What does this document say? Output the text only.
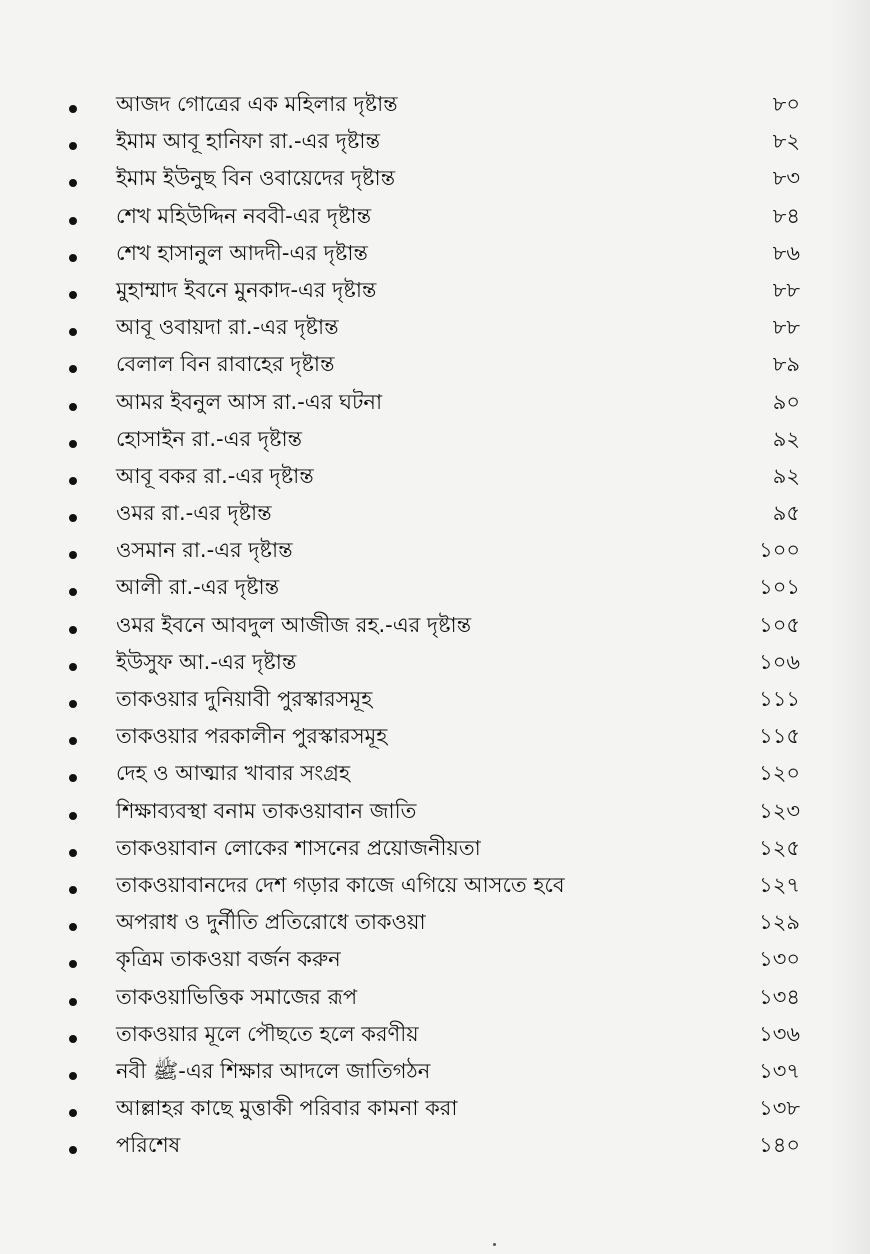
আজদ গোত্রের এক মহিলার দৃষ্টান্ত	৮০
ইমাম আবূ হানিফা রা.-এর দৃষ্টান্ত	৮২
ইমাম ইউনুছ বিন ওবায়েদের দৃষ্টান্ত	৮৩
শেখ মহিউদ্দিন নববী-এর দৃষ্টান্ত	৮৪
শেখ হাসানুল আদদী-এর দৃষ্টান্ত	৮৬
মুহাম্মাদ ইবনে মুনকাদ-এর দৃষ্টান্ত	৮৮
আবূ ওবায়দা রা.-এর দৃষ্টান্ত	৮৮
বেলাল বিন রাবাহের দৃষ্টান্ত	৮৯
আমর ইবনুল আস রা.-এর ঘটনা	৯০
হোসাইন রা.-এর দৃষ্টান্ত	৯২
আবূ বকর রা.-এর দৃষ্টান্ত	৯২
ওমর রা.-এর দৃষ্টান্ত	৯৫
ওসমান রা.-এর দৃষ্টান্ত	১০০
আলী রা.-এর দৃষ্টান্ত	১০১
ওমর ইবনে আবদুল আজীজ রহ.-এর দৃষ্টান্ত	১০৫
ইউসুফ আ.-এর দৃষ্টান্ত	১০৬
তাকওয়ার দুনিয়াবী পুরস্কারসমূহ	১১১
তাকওয়ার পরকালীন পুরস্কারসমূহ	১১৫
দেহ ও আত্মার খাবার সংগ্রহ	১২০
শিক্ষাব্যবস্থা বনাম তাকওয়াবান জাতি	১২৩
তাকওয়াবান লোকের শাসনের প্রয়োজনীয়তা	১২৫
তাকওয়াবানদের দেশ গড়ার কাজে এগিয়ে আসতে হবে	১২৭
অপরাধ ও দুর্নীতি প্রতিরোধে তাকওয়া	১২৯
কৃত্রিম তাকওয়া বর্জন করুন	১৩০
তাকওয়াভিত্তিক সমাজের রূপ	১৩৪
তাকওয়ার মূলে পৌছতে হলে করণীয়	১৩৬
নবী ﷺ-এর শিক্ষার আদলে জাতিগঠন	১৩৭
আল্লাহর কাছে মুত্তাকী পরিবার কামনা করা	১৩৮
পরিশেষ	১৪০
